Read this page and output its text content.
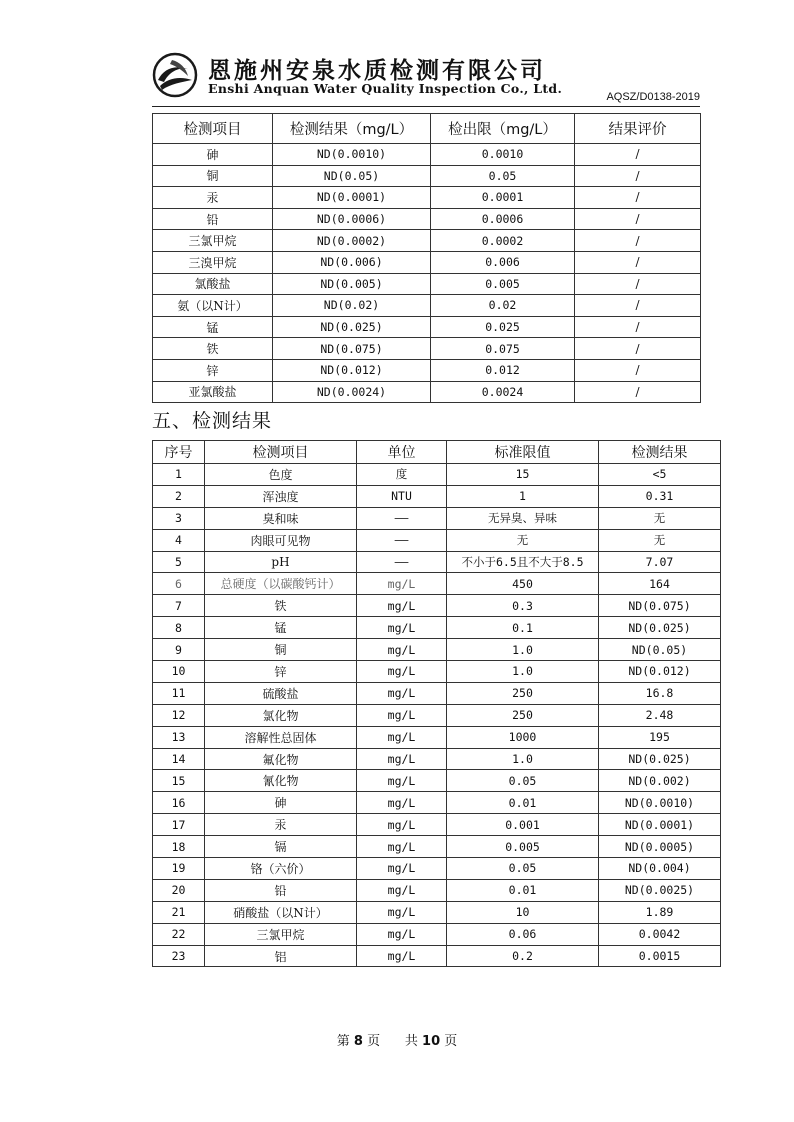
恩施州安泉水质检测有限公司
Enshi Anquan Water Quality Inspection Co., Ltd.
AQSZ/D0138-2019
检测项目	检测结果（mg/L）	检出限（mg/L）	结果评价
砷	ND(0.0010)	0.0010	/
铜	ND(0.05)	0.05	/
汞	ND(0.0001)	0.0001	/
铅	ND(0.0006)	0.0006	/
三氯甲烷	ND(0.0002)	0.0002	/
三溴甲烷	ND(0.006)	0.006	/
氯酸盐	ND(0.005)	0.005	/
氨（以N计）	ND(0.02)	0.02	/
锰	ND(0.025)	0.025	/
铁	ND(0.075)	0.075	/
锌	ND(0.012)	0.012	/
亚氯酸盐	ND(0.0024)	0.0024	/
五、检测结果
序号	检测项目	单位	标准限值	检测结果
1	色度	度	15	<5
2	浑浊度	NTU	1	0.31
3	臭和味	——	无异臭、异味	无
4	肉眼可见物	——	无	无
5	pH	——	不小于6.5且不大于8.5	7.07
6	总硬度（以碳酸钙计）	mg/L	450	164
7	铁	mg/L	0.3	ND(0.075)
8	锰	mg/L	0.1	ND(0.025)
9	铜	mg/L	1.0	ND(0.05)
10	锌	mg/L	1.0	ND(0.012)
11	硫酸盐	mg/L	250	16.8
12	氯化物	mg/L	250	2.48
13	溶解性总固体	mg/L	1000	195
14	氟化物	mg/L	1.0	ND(0.025)
15	氰化物	mg/L	0.05	ND(0.002)
16	砷	mg/L	0.01	ND(0.0010)
17	汞	mg/L	0.001	ND(0.0001)
18	镉	mg/L	0.005	ND(0.0005)
19	铬（六价）	mg/L	0.05	ND(0.004)
20	铅	mg/L	0.01	ND(0.0025)
21	硝酸盐（以N计）	mg/L	10	1.89
22	三氯甲烷	mg/L	0.06	0.0042
23	铝	mg/L	0.2	0.0015
第 8 页 共 10 页
